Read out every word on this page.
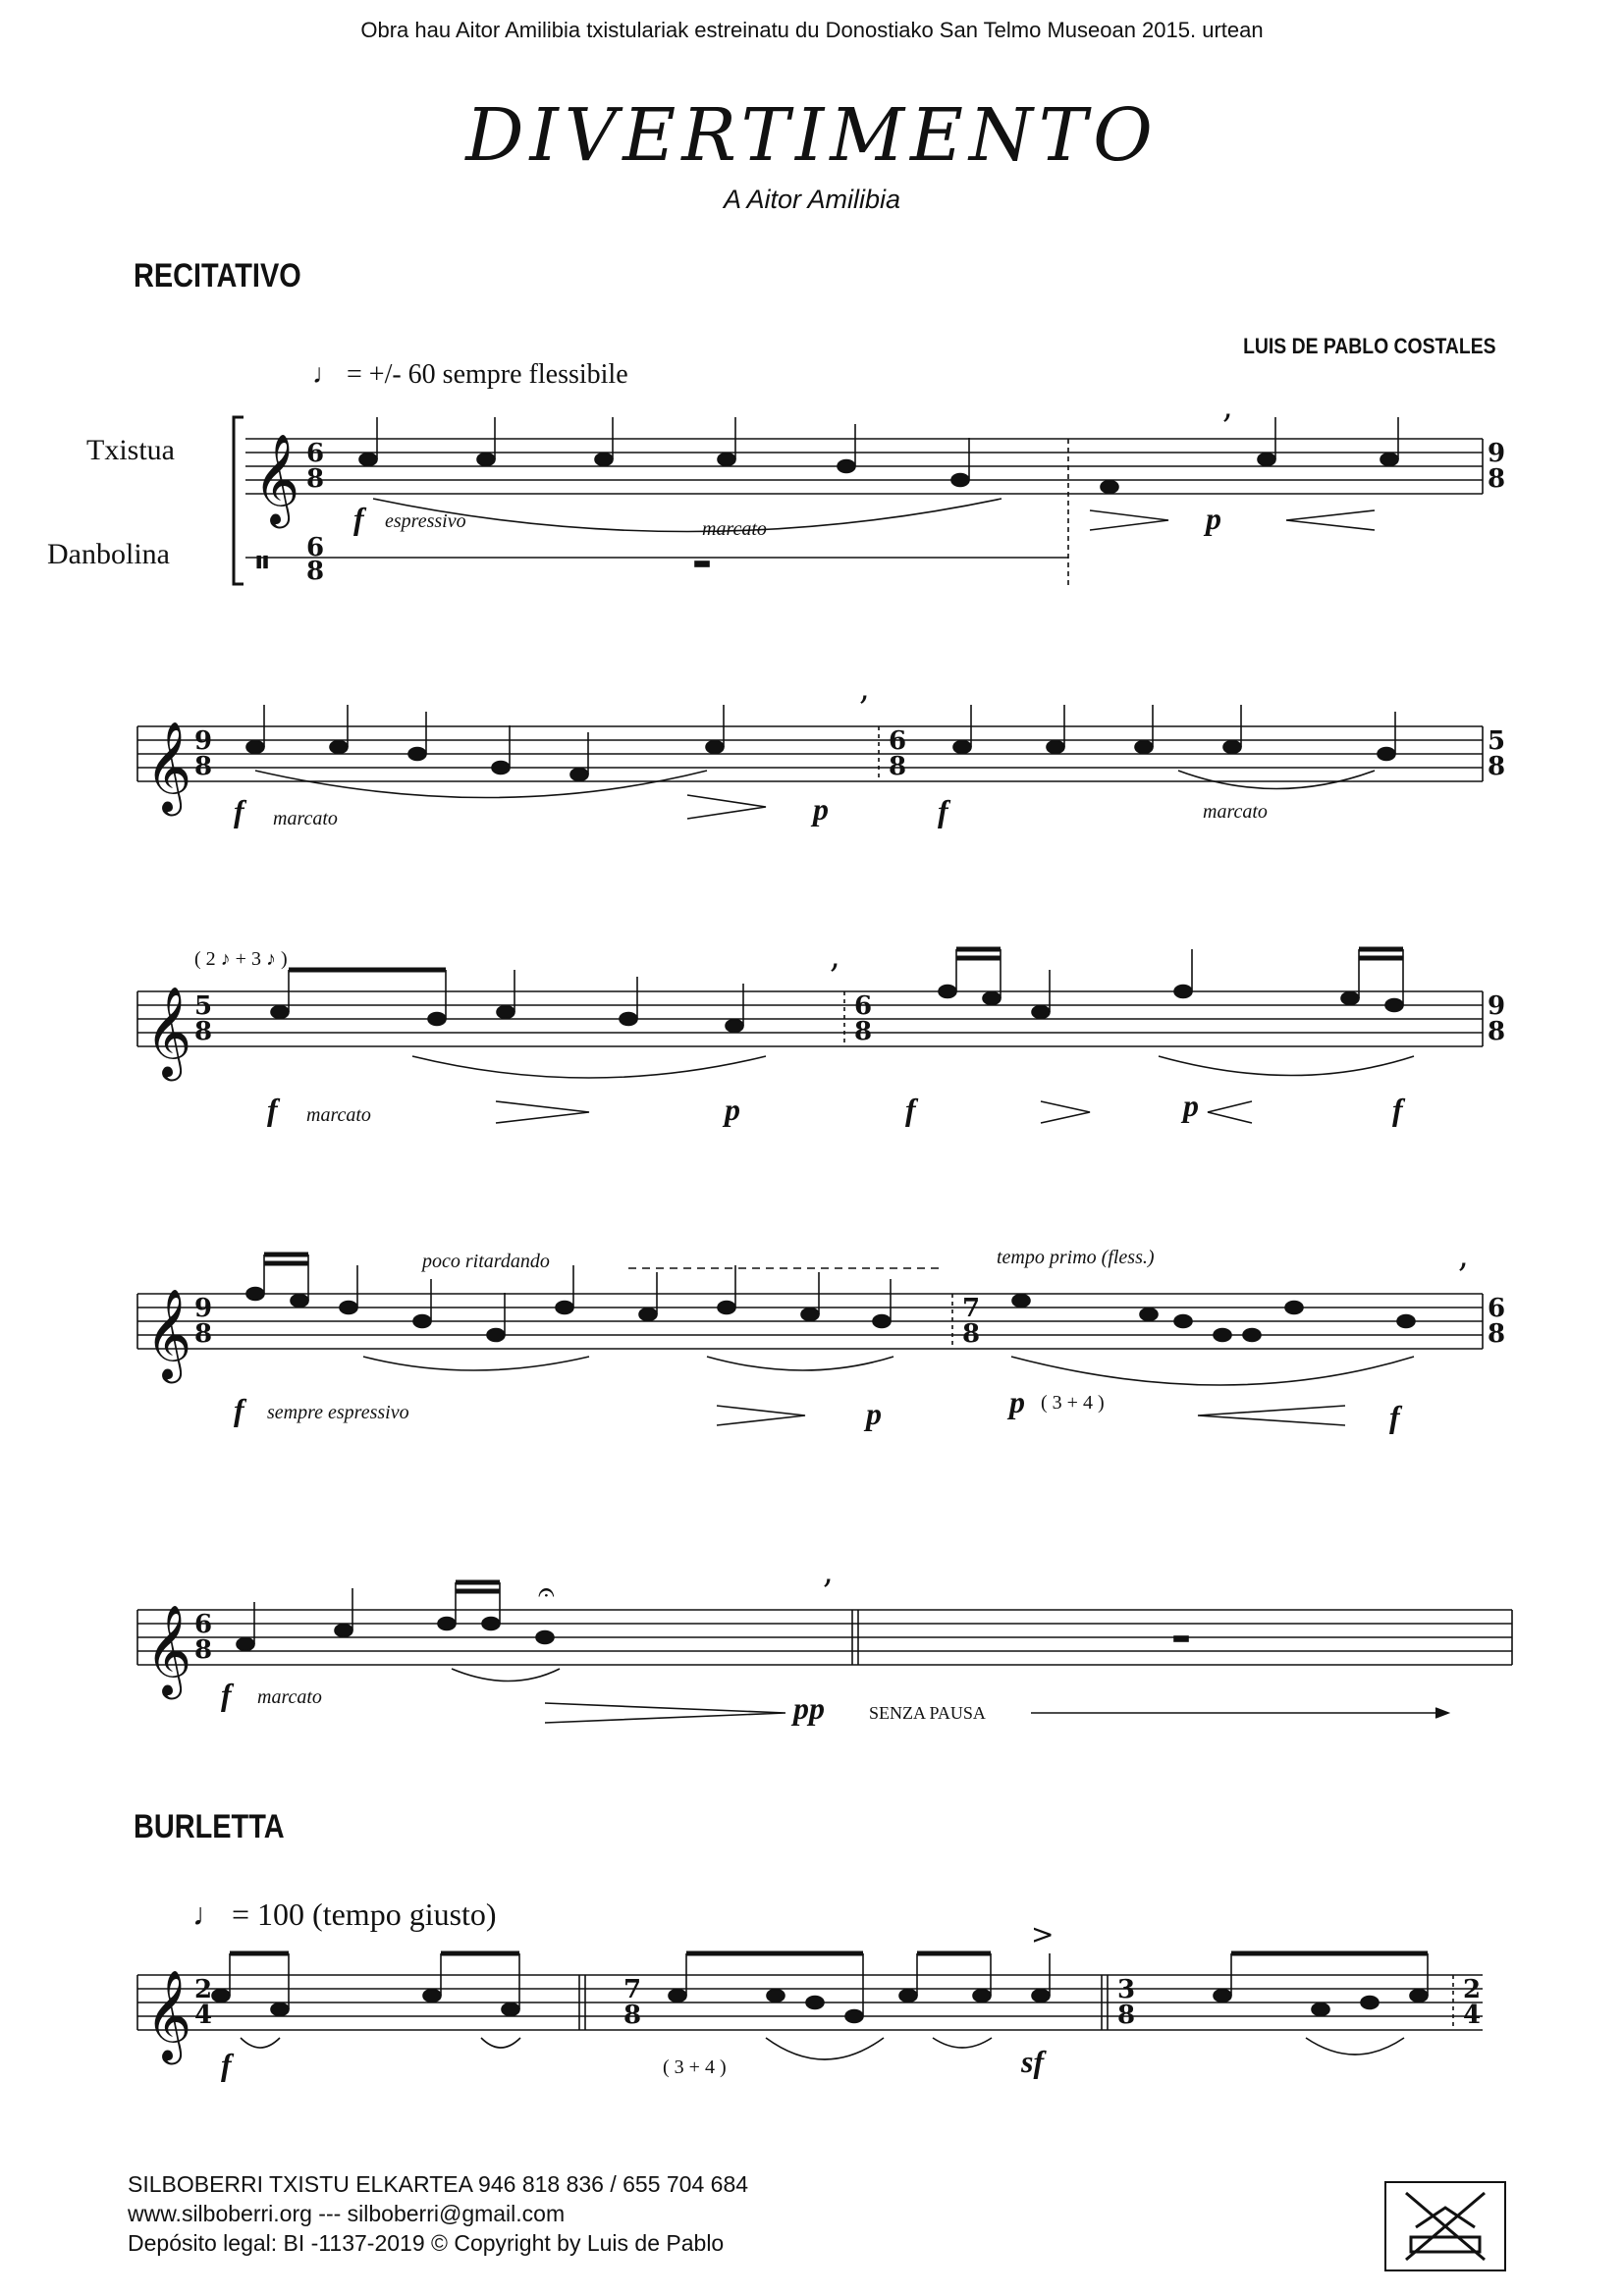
Obra hau Aitor Amilibia txistulariak estreinatu du Donostiako San Telmo Museoan 2015. urtean
DIVERTIMENTO
A Aitor Amilibia
RECITATIVO
LUIS DE PABLO COSTALES
♩ = +/- 60 sempre flessibile
Txistua
Danbolina
𝄞
𝄞
𝄞
𝄞
𝄞
𝄞
𝄥
6
8
6
8
9
8
9
8
6
8
5
8
5
8
6
8
9
8
9
8
7
8
6
8
6
8
2
4
7
8
3
8
2
4
,
,
,
,
,
𝄐
>
f espressivo	marcato	p
f marcato	p	f	marcato
( 2 ♪ + 3 ♪ )
f marcato	p	f	p	f
poco ritardando	tempo primo (fless.)
f sempre espressivo	p	p ( 3 + 4 )	f
f marcato	pp	SENZA PAUSA
BURLETTA
♩ = 100 (tempo giusto)
f	( 3 + 4 )	sf
SILBOBERRI TXISTU ELKARTEA 946 818 836 / 655 704 684
www.silboberri.org --- silboberri@gmail.com
Depósito legal: BI -1137-2019 © Copyright by Luis de Pablo
